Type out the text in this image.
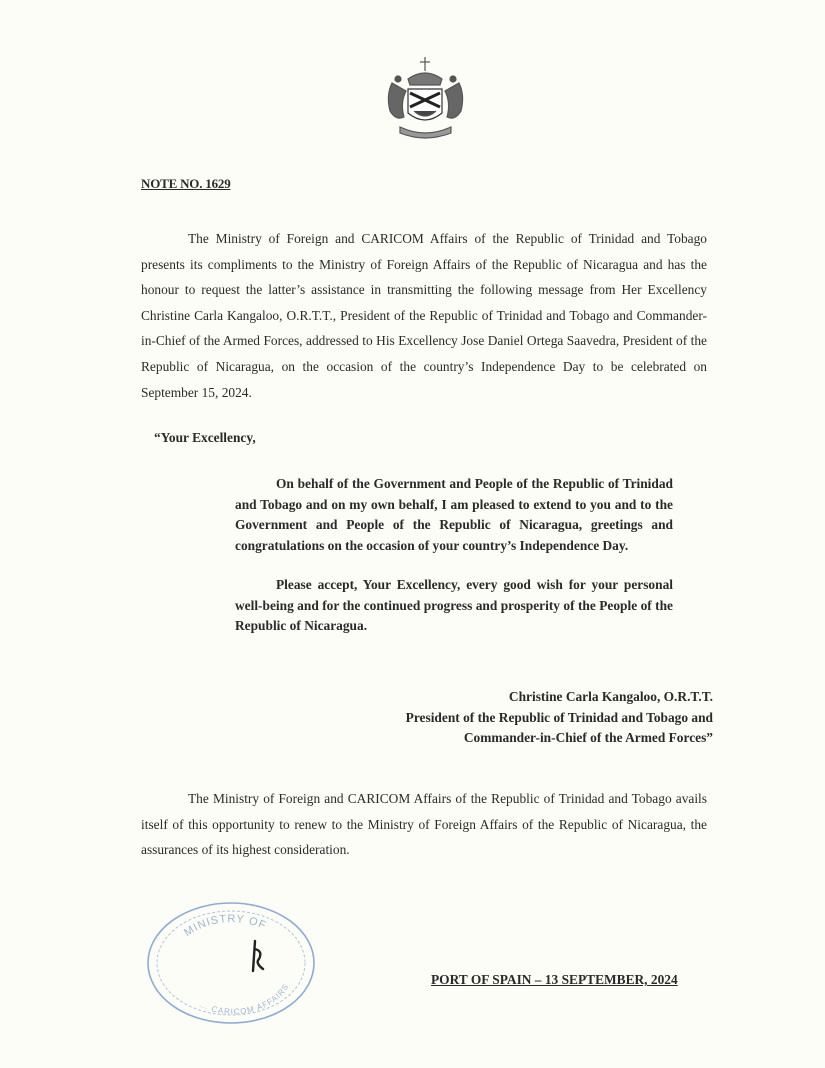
NOTE NO. 1629

The Ministry of Foreign and CARICOM Affairs of the Republic of Trinidad and Tobago presents its compliments to the Ministry of Foreign Affairs of the Republic of Nicaragua and has the honour to request the latter’s assistance in transmitting the following message from Her Excellency Christine Carla Kangaloo, O.R.T.T., President of the Republic of Trinidad and Tobago and Commander-in-Chief of the Armed Forces, addressed to His Excellency Jose Daniel Ortega Saavedra, President of the Republic of Nicaragua, on the occasion of the country’s Independence Day to be celebrated on September 15, 2024.

“Your Excellency,

On behalf of the Government and People of the Republic of Trinidad and Tobago and on my own behalf, I am pleased to extend to you and to the Government and People of the Republic of Nicaragua, greetings and congratulations on the occasion of your country’s Independence Day.

Please accept, Your Excellency, every good wish for your personal well-being and for the continued progress and prosperity of the People of the Republic of Nicaragua.

Christine Carla Kangaloo, O.R.T.T.
President of the Republic of Trinidad and Tobago and
Commander-in-Chief of the Armed Forces”

The Ministry of Foreign and CARICOM Affairs of the Republic of Trinidad and Tobago avails itself of this opportunity to renew to the Ministry of Foreign Affairs of the Republic of Nicaragua, the assurances of its highest consideration.

MINISTRY OF
... CARICOM AFFAIRS
PORT OF SPAIN – 13 SEPTEMBER, 2024
